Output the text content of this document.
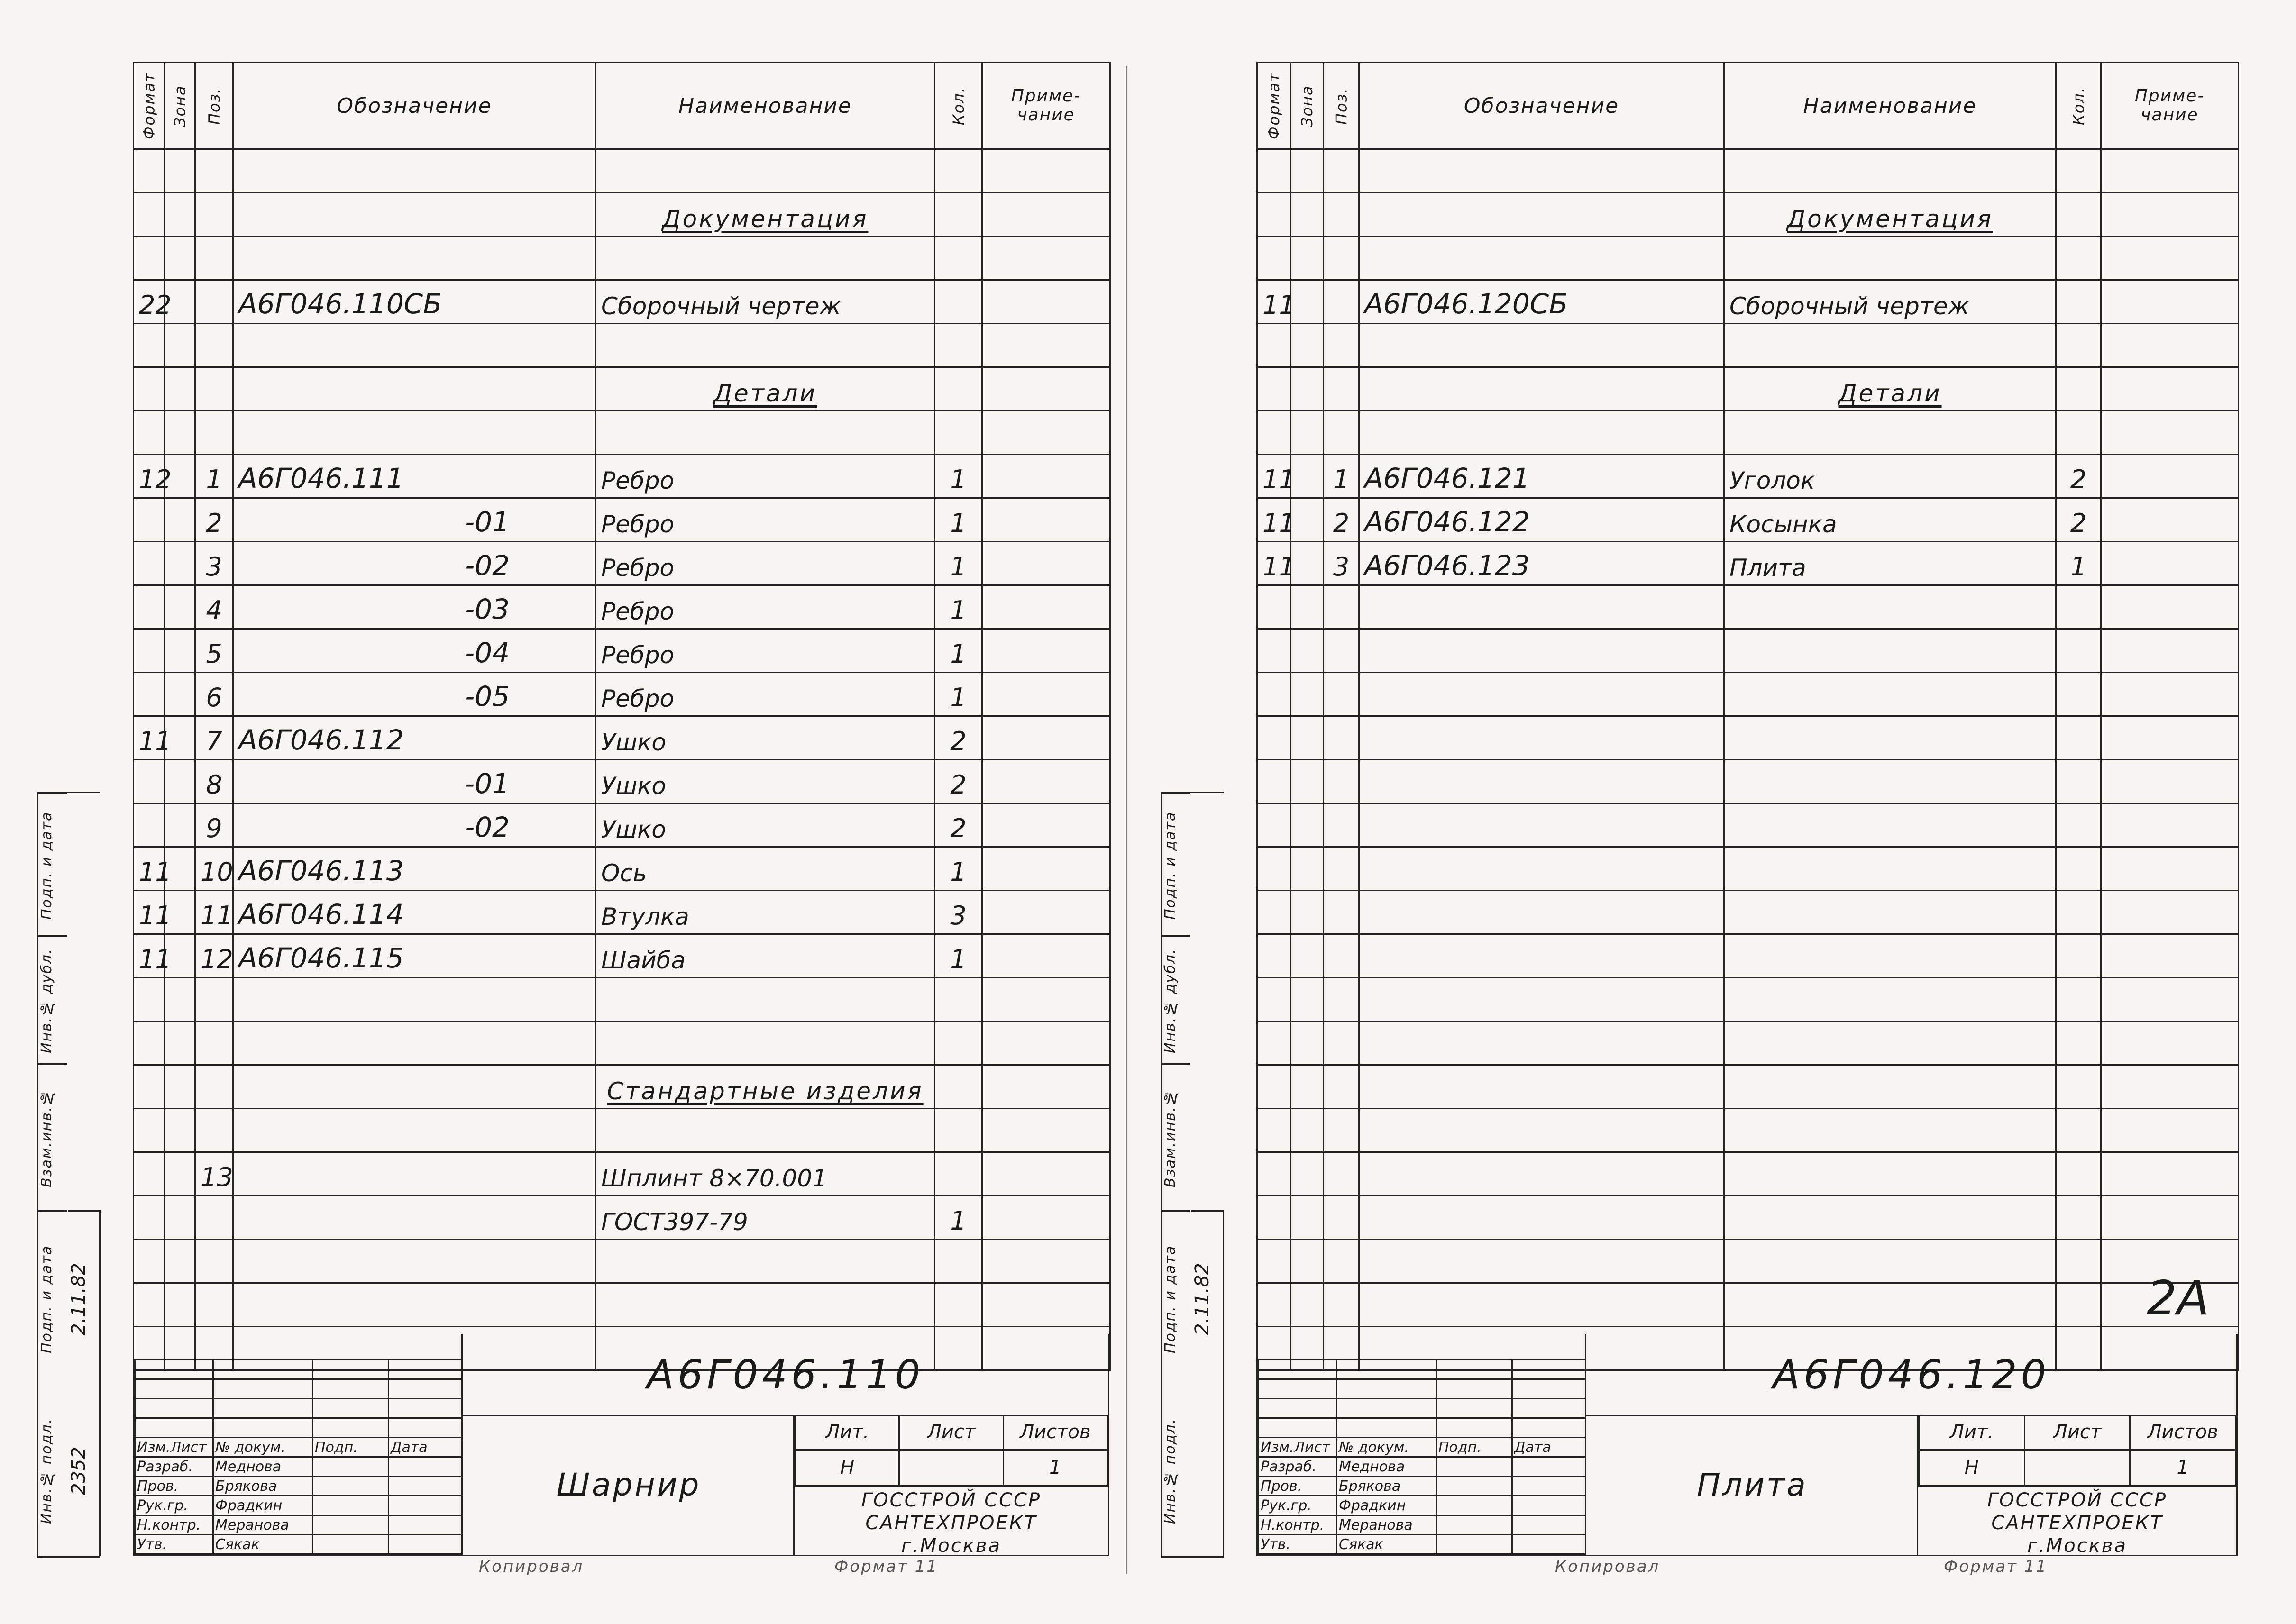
Формат	Зона	Поз.	Обозначение	Наименование	Кол.	Приме- чание

				Документация		

22			А6Г046.110СБ	Сборочный чертеж		

				Детали		

12		1	А6Г046.111	Ребро	1	
		2	-01	Ребро	1	
		3	-02	Ребро	1	
		4	-03	Ребро	1	
		5	-04	Ребро	1	
		6	-05	Ребро	1	
11		7	А6Г046.112	Ушко	2	
		8	-01	Ушко	2	
		9	-02	Ушко	2	
11		10	А6Г046.113	Ось	1	
11		11	А6Г046.114	Втулка	3	
11		12	А6Г046.115	Шайба	1	

				Стандартные изделия		

		13		Шплинт 8×70.001		
				ГОСТ397-79	1	

Подп. и дата
Инв.№ дубл.
Взам.инв.№
Подп. и дата 2.11.82
Инв.№ подл. 2352

				Изм.Лист	№ докум.	Подп.	Дата
Разраб.	Меднова		
Пров.	Брякова		
Рук.гр.	Фрадкин		
Н.контр.	Меранова		
Утв.	Сякак		
А6Г046.110
Шарнир
Лит.	Лист	Листов
Н		1
ГОССТРОЙ СССР
САНТЕХПРОЕКТ
г.Москва
Копировал	Формат 11
Формат	Зона	Поз.	Обозначение	Наименование	Кол.	Приме- чание

				Документация		

11			А6Г046.120СБ	Сборочный чертеж		

				Детали		

11		1	А6Г046.121	Уголок	2	
11		2	А6Г046.122	Косынка	2	
11		3	А6Г046.123	Плита	1	

Подп. и дата
Инв.№ дубл.
Взам.инв.№
Подп. и дата 2.11.82
Инв.№ подл.
2А

Изм.Лист	№ докум.	Подп.	Дата
Разраб.	Меднова		
Пров.	Брякова		
Рук.гр.	Фрадкин		
Н.контр.	Меранова		
Утв.	Сякак		
А6Г046.120
Плита
Лит.	Лист	Листов
Н		1
ГОССТРОЙ СССР
САНТЕХПРОЕКТ
г.Москва
Копировал	Формат 11
